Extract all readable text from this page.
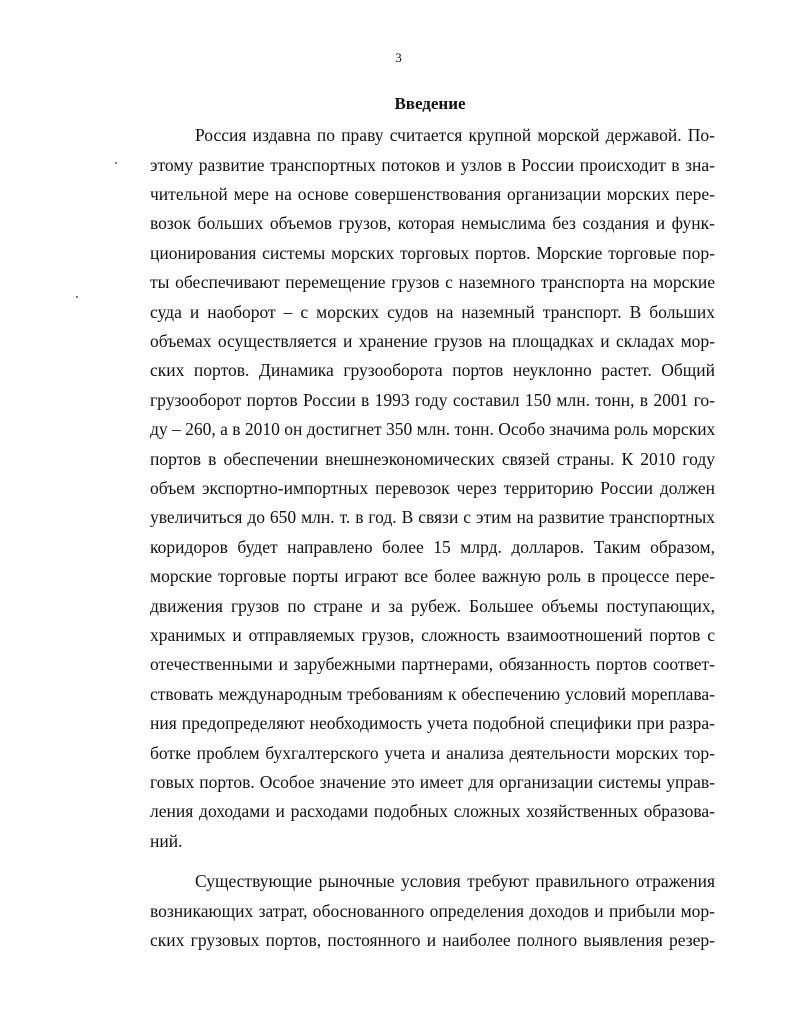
3
Введение
Россия издавна по праву считается крупной морской державой. По-
этому развитие транспортных потоков и узлов в России происходит в зна-
чительной мере на основе совершенствования организации морских пере-
возок больших объемов грузов, которая немыслима без создания и функ-
ционирования системы морских торговых портов. Морские торговые пор-
ты обеспечивают перемещение грузов с наземного транспорта на морские
суда и наоборот – с морских судов на наземный транспорт. В больших
объемах осуществляется и хранение грузов на площадках и складах мор-
ских портов. Динамика грузооборота портов неуклонно растет. Общий
грузооборот портов России в 1993 году составил 150 млн. тонн, в 2001 го-
ду – 260, а в 2010 он достигнет 350 млн. тонн. Особо значима роль морских
портов в обеспечении внешнеэкономических связей страны. К 2010 году
объем экспортно-импортных перевозок через территорию России должен
увеличиться до 650 млн. т. в год. В связи с этим на развитие транспортных
коридоров будет направлено более 15 млрд. долларов. Таким образом,
морские торговые порты играют все более важную роль в процессе пере-
движения грузов по стране и за рубеж. Большее объемы поступающих,
хранимых и отправляемых грузов, сложность взаимоотношений портов с
отечественными и зарубежными партнерами, обязанность портов соответ-
ствовать международным требованиям к обеспечению условий мореплава-
ния предопределяют необходимость учета подобной специфики при разра-
ботке проблем бухгалтерского учета и анализа деятельности морских тор-
говых портов. Особое значение это имеет для организации системы управ-
ления доходами и расходами подобных сложных хозяйственных образова-
ний.
Существующие рыночные условия требуют правильного отражения
возникающих затрат, обоснованного определения доходов и прибыли мор-
ских грузовых портов, постоянного и наиболее полного выявления резер-
